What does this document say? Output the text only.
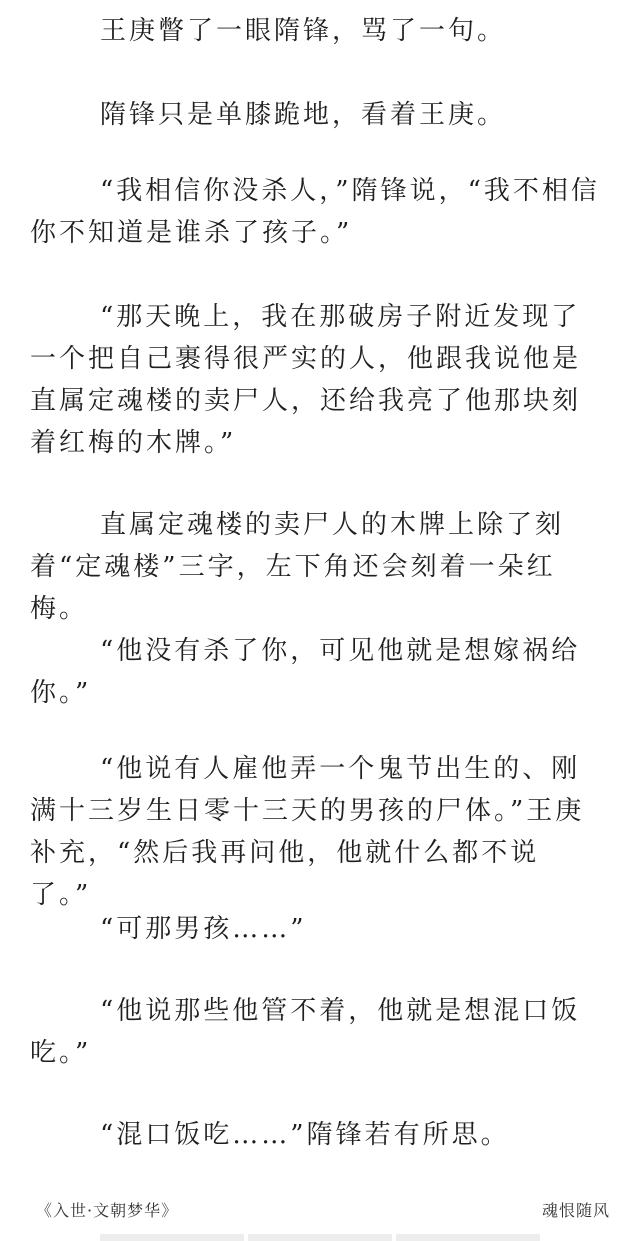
王庚瞥了一眼隋锋，骂了一句。

隋锋只是单膝跪地，看着王庚。

“我相信你没杀人，”隋锋说，“我不相信你不知道是谁杀了孩子。”

“那天晚上，我在那破房子附近发现了一个把自己裹得很严实的人，他跟我说他是直属定魂楼的卖尸人，还给我亮了他那块刻着红梅的木牌。”

直属定魂楼的卖尸人的木牌上除了刻着“定魂楼”三字，左下角还会刻着一朵红梅。

“他没有杀了你，可见他就是想嫁祸给你。”

“他说有人雇他弄一个鬼节出生的、刚满十三岁生日零十三天的男孩的尸体。”王庚补充，“然后我再问他，他就什么都不说了。”

“可那男孩……”

“他说那些他管不着，他就是想混口饭吃。”

“混口饭吃……”隋锋若有所思。

《入世·文朝梦华》	魂恨随风
